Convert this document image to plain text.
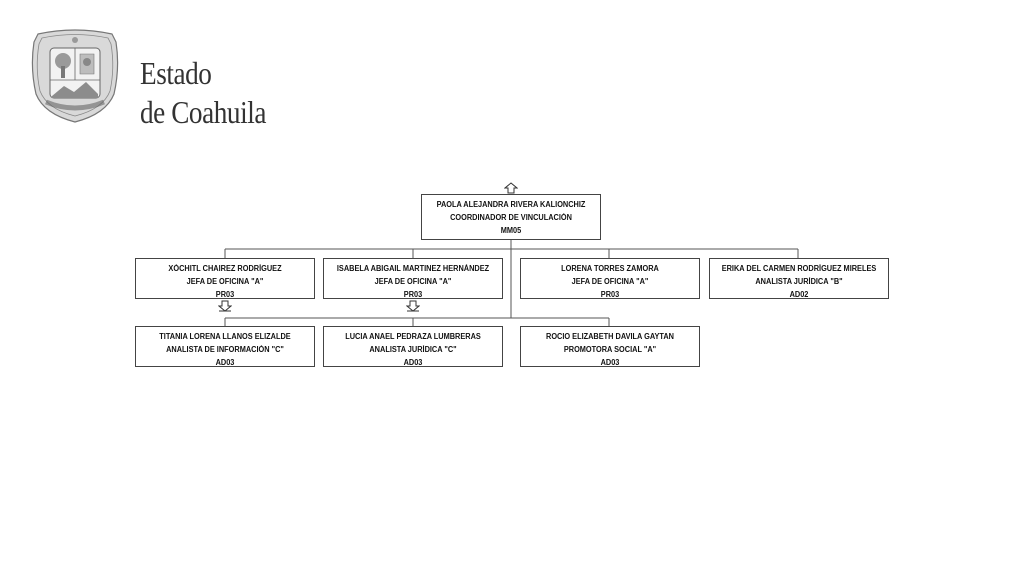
Estado
de Coahuila
PAOLA ALEJANDRA RIVERA KALIONCHIZ
COORDINADOR DE VINCULACIÓN
MM05
XÓCHITL CHAIREZ RODRÍGUEZ
JEFA DE OFICINA "A"
PR03
ISABELA ABIGAIL MARTINEZ HERNÁNDEZ
JEFA DE OFICINA "A"
PR03
LORENA TORRES ZAMORA
JEFA DE OFICINA "A"
PR03
ERIKA DEL CARMEN RODRÍGUEZ MIRELES
ANALISTA JURÍDICA "B"
AD02
TITANIA LORENA LLANOS ELIZALDE
ANALISTA DE INFORMACIÓN "C"
AD03
LUCIA ANAEL PEDRAZA LUMBRERAS
ANALISTA JURÍDICA "C"
AD03
ROCIO ELIZABETH DAVILA GAYTAN
PROMOTORA SOCIAL "A"
AD03
